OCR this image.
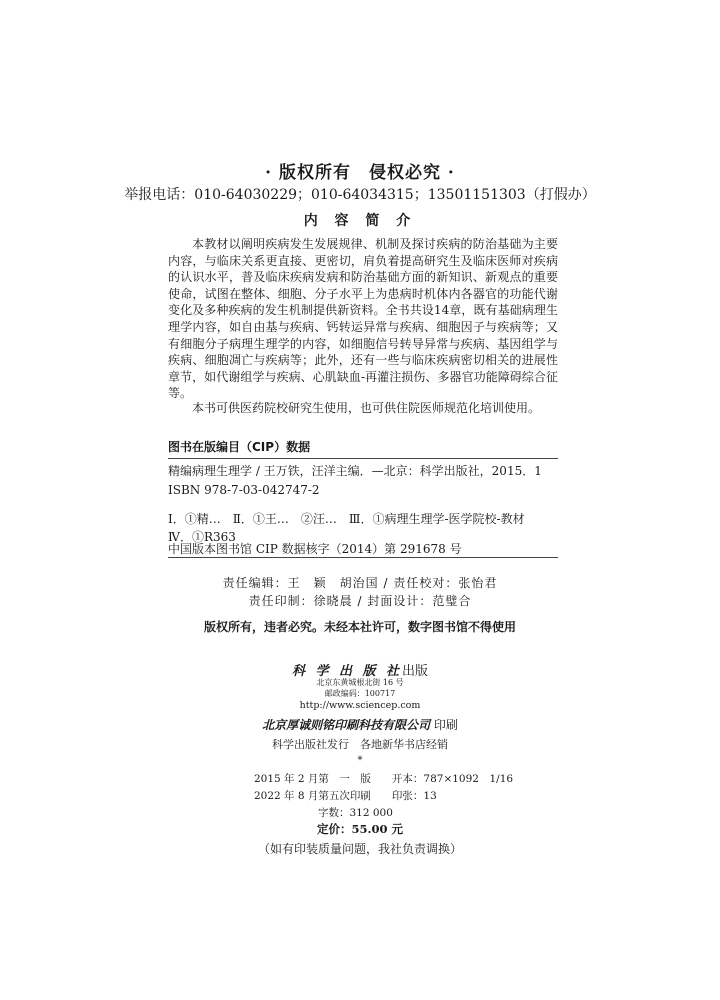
· 版权所有　侵权必究 ·
举报电话：010-64030229；010-64034315；13501151303（打假办）
内 容 简 介

本教材以阐明疾病发生发展规律、机制及探讨疾病的防治基础为主要内容，与临床关系更直接、更密切，肩负着提高研究生及临床医师对疾病的认识水平，普及临床疾病发病和防治基础方面的新知识、新观点的重要使命，试图在整体、细胞、分子水平上为患病时机体内各器官的功能代谢变化及多种疾病的发生机制提供新资料。全书共设14章，既有基础病理生理学内容，如自由基与疾病、钙转运异常与疾病、细胞因子与疾病等；又有细胞分子病理生理学的内容，如细胞信号转导异常与疾病、基因组学与疾病、细胞凋亡与疾病等；此外，还有一些与临床疾病密切相关的进展性章节，如代谢组学与疾病、心肌缺血-再灌注损伤、多器官功能障碍综合征等。

本书可供医药院校研究生使用，也可供住院医师规范化培训使用。

图书在版编目（CIP）数据
精编病理生理学 / 王万铁，汪洋主编．—北京：科学出版社，2015．1
ISBN 978-7-03-042747-2
Ⅰ．①精…　Ⅱ．①王…　②汪…　Ⅲ．①病理生理学-医学院校-教材
Ⅳ．①R363
中国版本图书馆 CIP 数据核字（2014）第 291678 号
责任编辑：王　颖　胡治国 / 责任校对：张怡君
责任印制：徐晓晨 / 封面设计：范璧合
版权所有，违者必究。未经本社许可，数字图书馆不得使用
科 学 出 版 社出版
北京东黄城根北街 16 号
邮政编码：100717
http://www.sciencep.com
北京厚诚则铭印刷科技有限公司 印刷
科学出版社发行　各地新华书店经销
*
2015 年 2 月第　一　版　　开本：787×1092　1/16
2022 年 8 月第五次印刷　　印张：13
字数：312 000
定价：55.00 元
（如有印装质量问题，我社负责调换）
